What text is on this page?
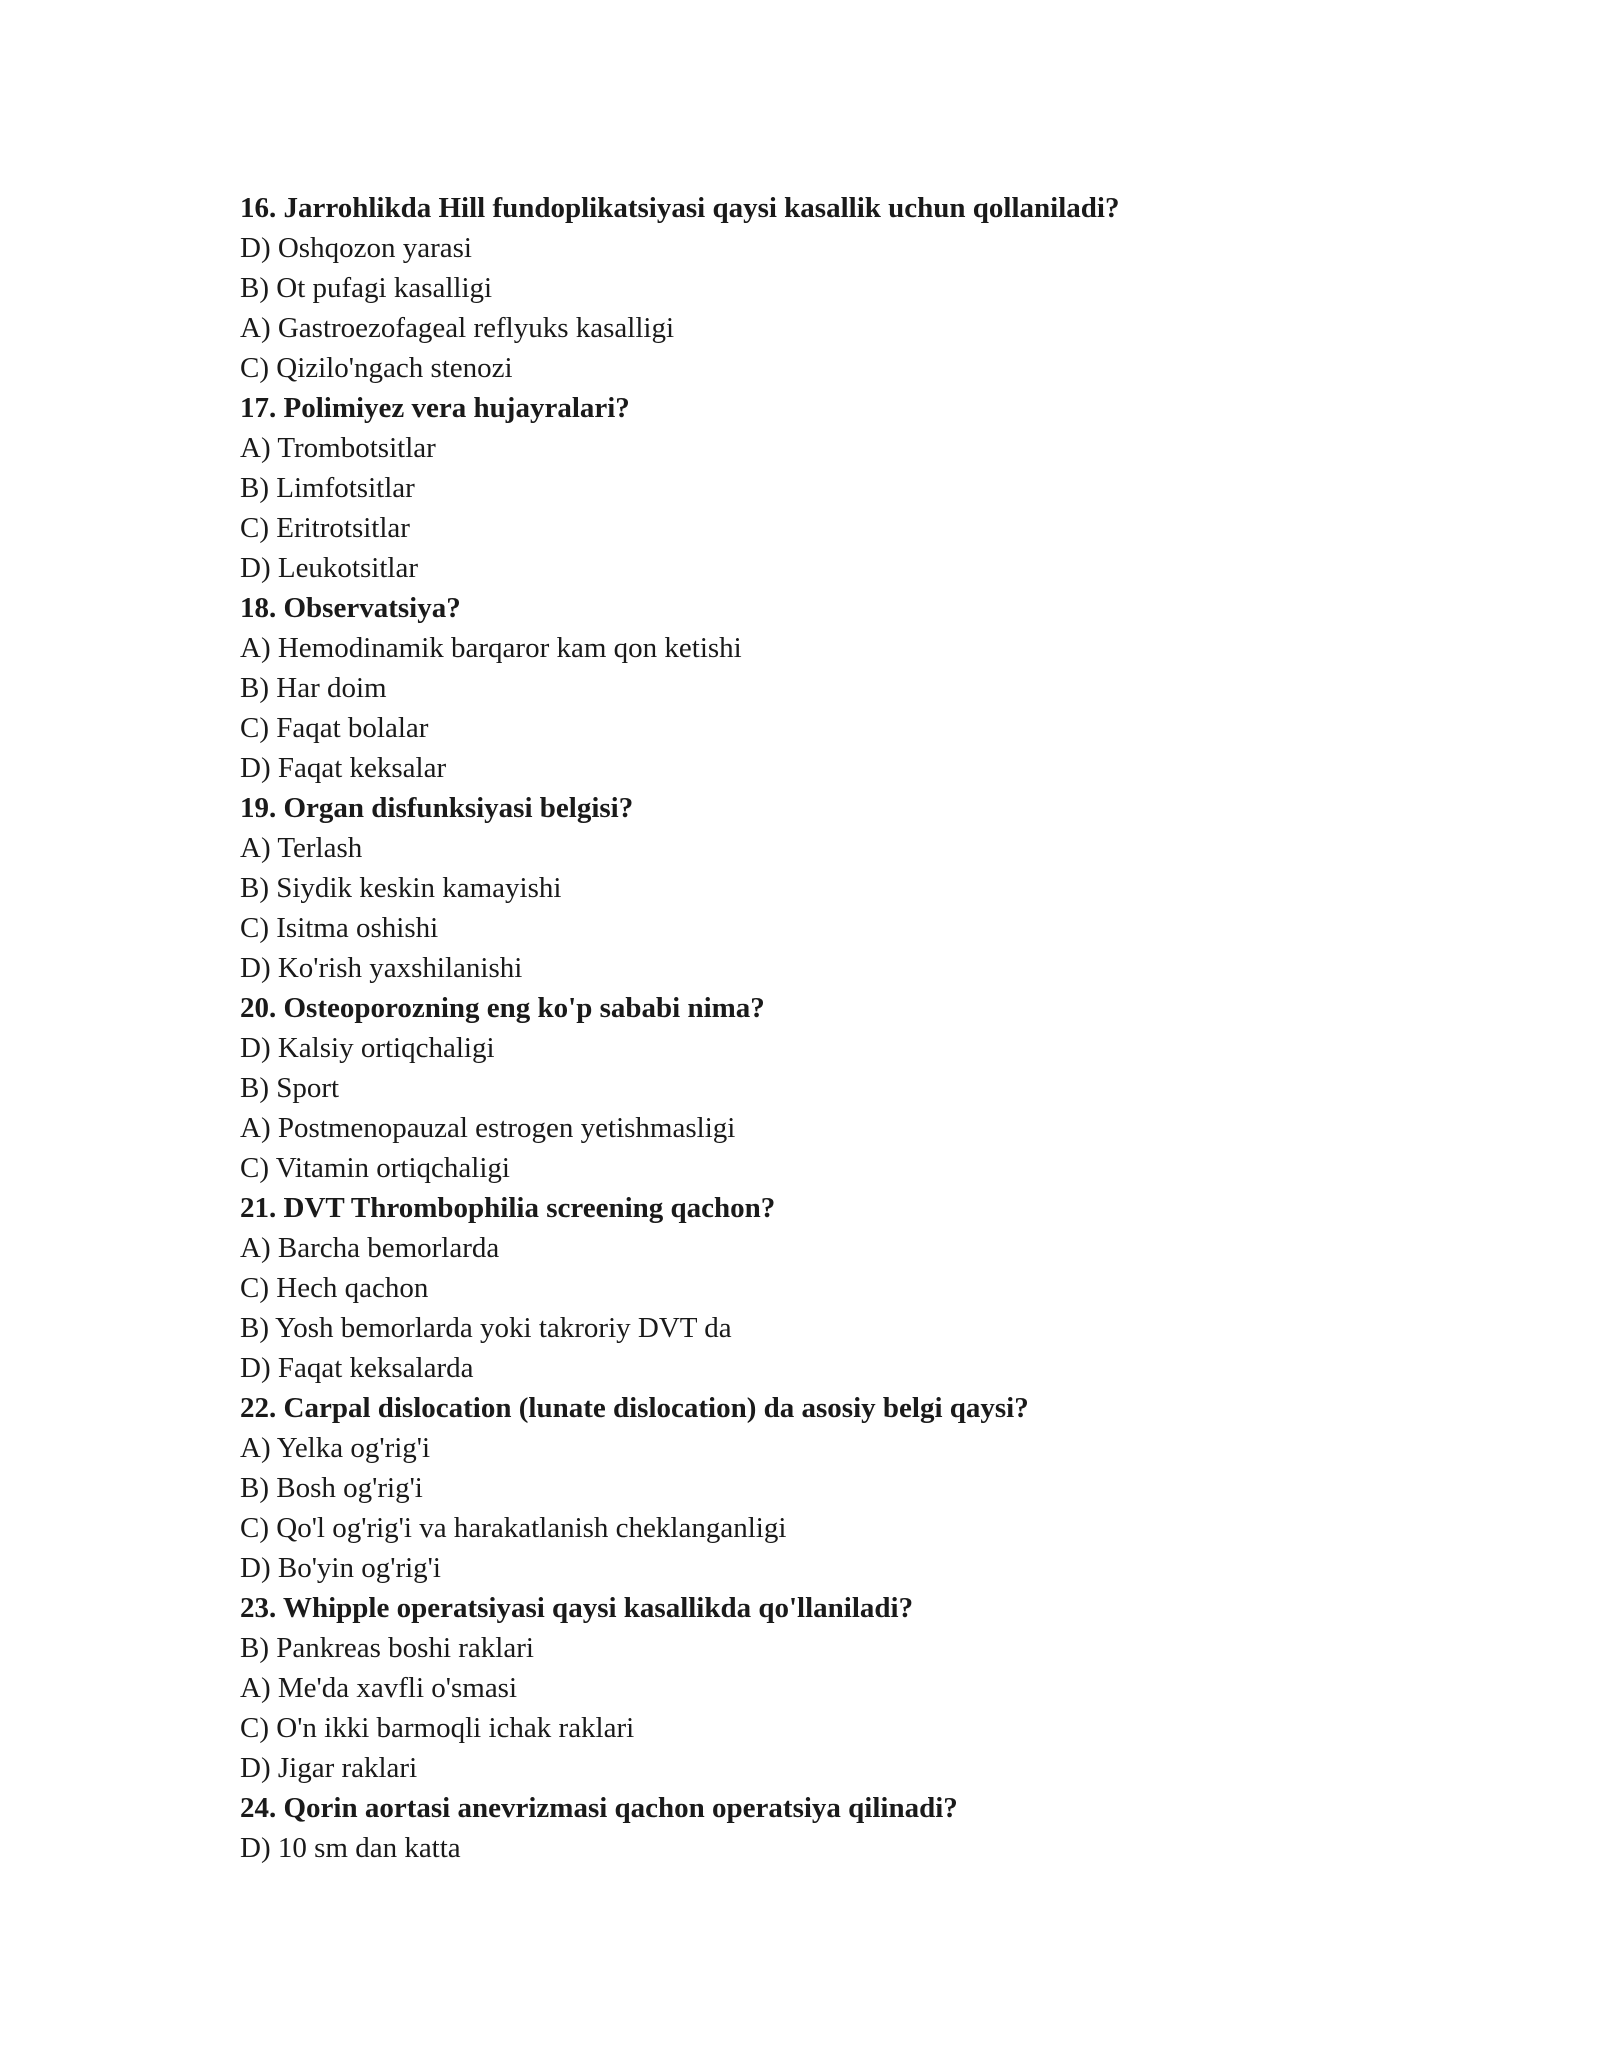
16. Jarrohlikda Hill fundoplikatsiyasi qaysi kasallik uchun qollaniladi?
D) Oshqozon yarasi
B) Ot pufagi kasalligi
A) Gastroezofageal reflyuks kasalligi
C) Qizilo'ngach stenozi
17. Polimiyez vera hujayralari?
A) Trombotsitlar
B) Limfotsitlar
C) Eritrotsitlar
D) Leukotsitlar
18. Observatsiya?
A) Hemodinamik barqaror kam qon ketishi
B) Har doim
C) Faqat bolalar
D) Faqat keksalar
19. Organ disfunksiyasi belgisi?
A) Terlash
B) Siydik keskin kamayishi
C) Isitma oshishi
D) Ko'rish yaxshilanishi
20. Osteoporozning eng ko'p sababi nima?
D) Kalsiy ortiqchaligi
B) Sport
A) Postmenopauzal estrogen yetishmasligi
C) Vitamin ortiqchaligi
21. DVT Thrombophilia screening qachon?
A) Barcha bemorlarda
C) Hech qachon
B) Yosh bemorlarda yoki takroriy DVT da
D) Faqat keksalarda
22. Carpal dislocation (lunate dislocation) da asosiy belgi qaysi?
A) Yelka og'rig'i
B) Bosh og'rig'i
C) Qo'l og'rig'i va harakatlanish cheklanganligi
D) Bo'yin og'rig'i
23. Whipple operatsiyasi qaysi kasallikda qo'llaniladi?
B) Pankreas boshi raklari
A) Me'da xavfli o'smasi
C) O'n ikki barmoqli ichak raklari
D) Jigar raklari
24. Qorin aortasi anevrizmasi qachon operatsiya qilinadi?
D) 10 sm dan katta
